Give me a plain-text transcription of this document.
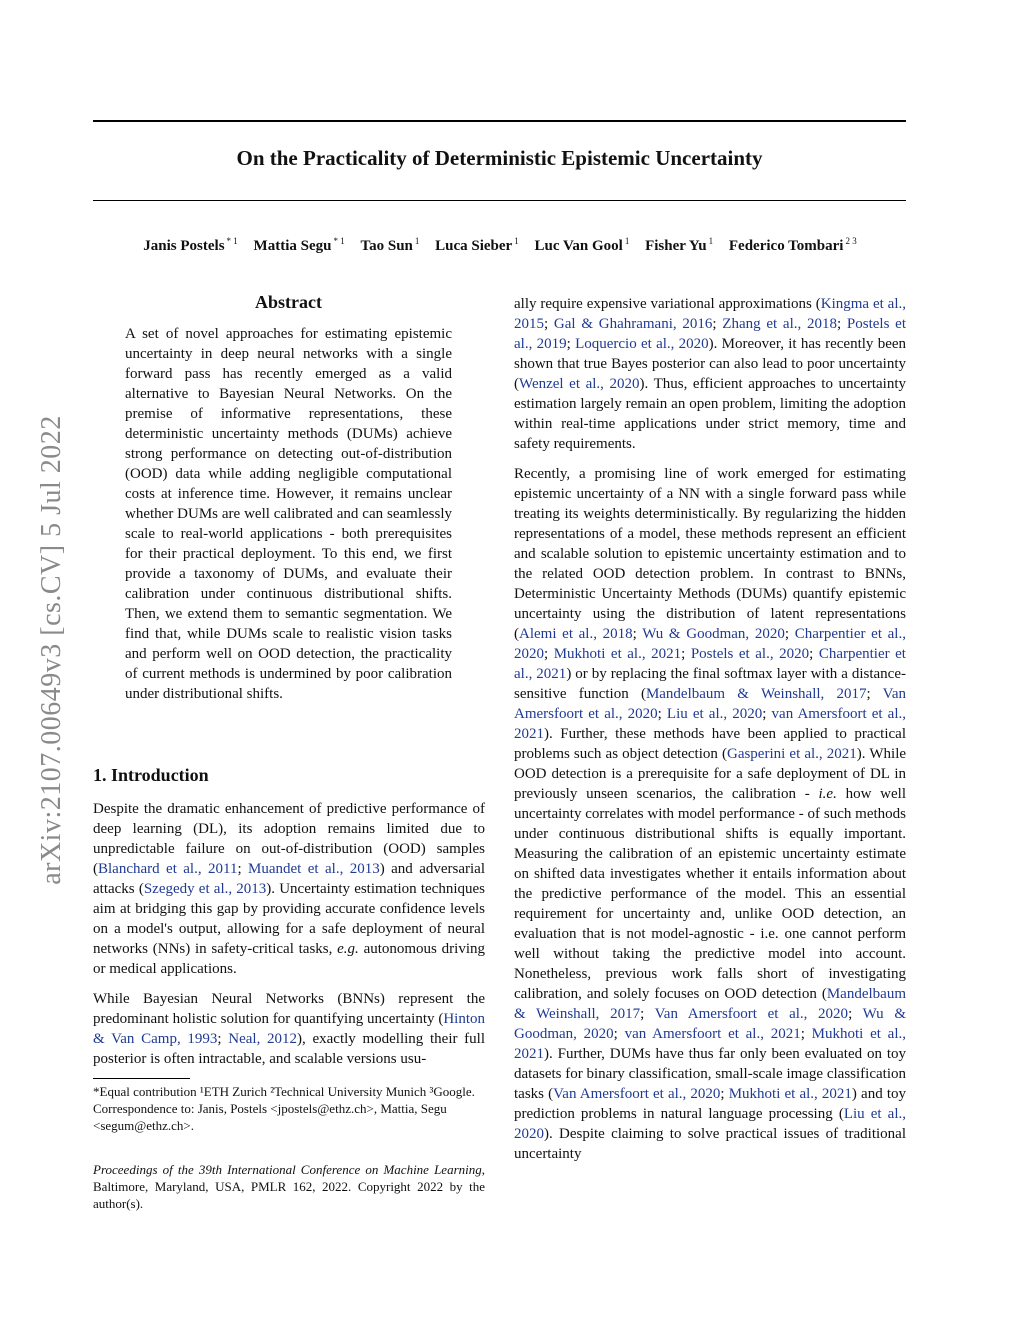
On the Practicality of Deterministic Epistemic Uncertainty
Janis Postels $^{* 1}$ Mattia Segu $^{* 1}$ Tao Sun $^1$ Luca Sieber $^1$ Luc Van Gool $^1$ Fisher Yu $^1$ Federico Tombari $^{2 3}$
arXiv:2107.00649v3 [cs.CV] 5 Jul 2022
Abstract

A set of novel approaches for estimating epistemic uncertainty in deep neural networks with a single forward pass has recently emerged as a valid alternative to Bayesian Neural Networks. On the premise of informative representations, these deterministic uncertainty methods (DUMs) achieve strong performance on detecting out-of-distribution (OOD) data while adding negligible computational costs at inference time. However, it remains unclear whether DUMs are well calibrated and can seamlessly scale to real-world applications - both prerequisites for their practical deployment. To this end, we first provide a taxonomy of DUMs, and evaluate their calibration under continuous distributional shifts. Then, we extend them to semantic segmentation. We find that, while DUMs scale to realistic vision tasks and perform well on OOD detection, the practicality of current methods is undermined by poor calibration under distributional shifts.

1. Introduction

Despite the dramatic enhancement of predictive performance of deep learning (DL), its adoption remains limited due to unpredictable failure on out-of-distribution (OOD) samples (Blanchard et al., 2011; Muandet et al., 2013) and adversarial attacks (Szegedy et al., 2013). Uncertainty estimation techniques aim at bridging this gap by providing accurate confidence levels on a model's output, allowing for a safe deployment of neural networks (NNs) in safety-critical tasks, e.g. autonomous driving or medical applications.

While Bayesian Neural Networks (BNNs) represent the predominant holistic solution for quantifying uncertainty (Hinton & Van Camp, 1993; Neal, 2012), exactly modelling their full posterior is often intractable, and scalable versions usu-

*Equal contribution ¹ETH Zurich ²Technical University Munich ³Google. Correspondence to: Janis, Postels <jpostels@ethz.ch>, Mattia, Segu <segum@ethz.ch>.

Proceedings of the 39th International Conference on Machine Learning, Baltimore, Maryland, USA, PMLR 162, 2022. Copyright 2022 by the author(s).

ally require expensive variational approximations (Kingma et al., 2015; Gal & Ghahramani, 2016; Zhang et al., 2018; Postels et al., 2019; Loquercio et al., 2020). Moreover, it has recently been shown that true Bayes posterior can also lead to poor uncertainty (Wenzel et al., 2020). Thus, efficient approaches to uncertainty estimation largely remain an open problem, limiting the adoption within real-time applications under strict memory, time and safety requirements.

Recently, a promising line of work emerged for estimating epistemic uncertainty of a NN with a single forward pass while treating its weights deterministically. By regularizing the hidden representations of a model, these methods represent an efficient and scalable solution to epistemic uncertainty estimation and to the related OOD detection problem. In contrast to BNNs, Deterministic Uncertainty Methods (DUMs) quantify epistemic uncertainty using the distribution of latent representations (Alemi et al., 2018; Wu & Goodman, 2020; Charpentier et al., 2020; Mukhoti et al., 2021; Postels et al., 2020; Charpentier et al., 2021) or by replacing the final softmax layer with a distance-sensitive function (Mandelbaum & Weinshall, 2017; Van Amersfoort et al., 2020; Liu et al., 2020; van Amersfoort et al., 2021). Further, these methods have been applied to practical problems such as object detection (Gasperini et al., 2021). While OOD detection is a prerequisite for a safe deployment of DL in previously unseen scenarios, the calibration - i.e. how well uncertainty correlates with model performance - of such methods under continuous distributional shifts is equally important. Measuring the calibration of an epistemic uncertainty estimate on shifted data investigates whether it entails information about the predictive performance of the model. This an essential requirement for uncertainty and, unlike OOD detection, an evaluation that is not model-agnostic - i.e. one cannot perform well without taking the predictive model into account. Nonetheless, previous work falls short of investigating calibration, and solely focuses on OOD detection (Mandelbaum & Weinshall, 2017; Van Amersfoort et al., 2020; Wu & Goodman, 2020; van Amersfoort et al., 2021; Mukhoti et al., 2021). Further, DUMs have thus far only been evaluated on toy datasets for binary classification, small-scale image classification tasks (Van Amersfoort et al., 2020; Mukhoti et al., 2021) and toy prediction problems in natural language processing (Liu et al., 2020). Despite claiming to solve practical issues of traditional uncertainty
